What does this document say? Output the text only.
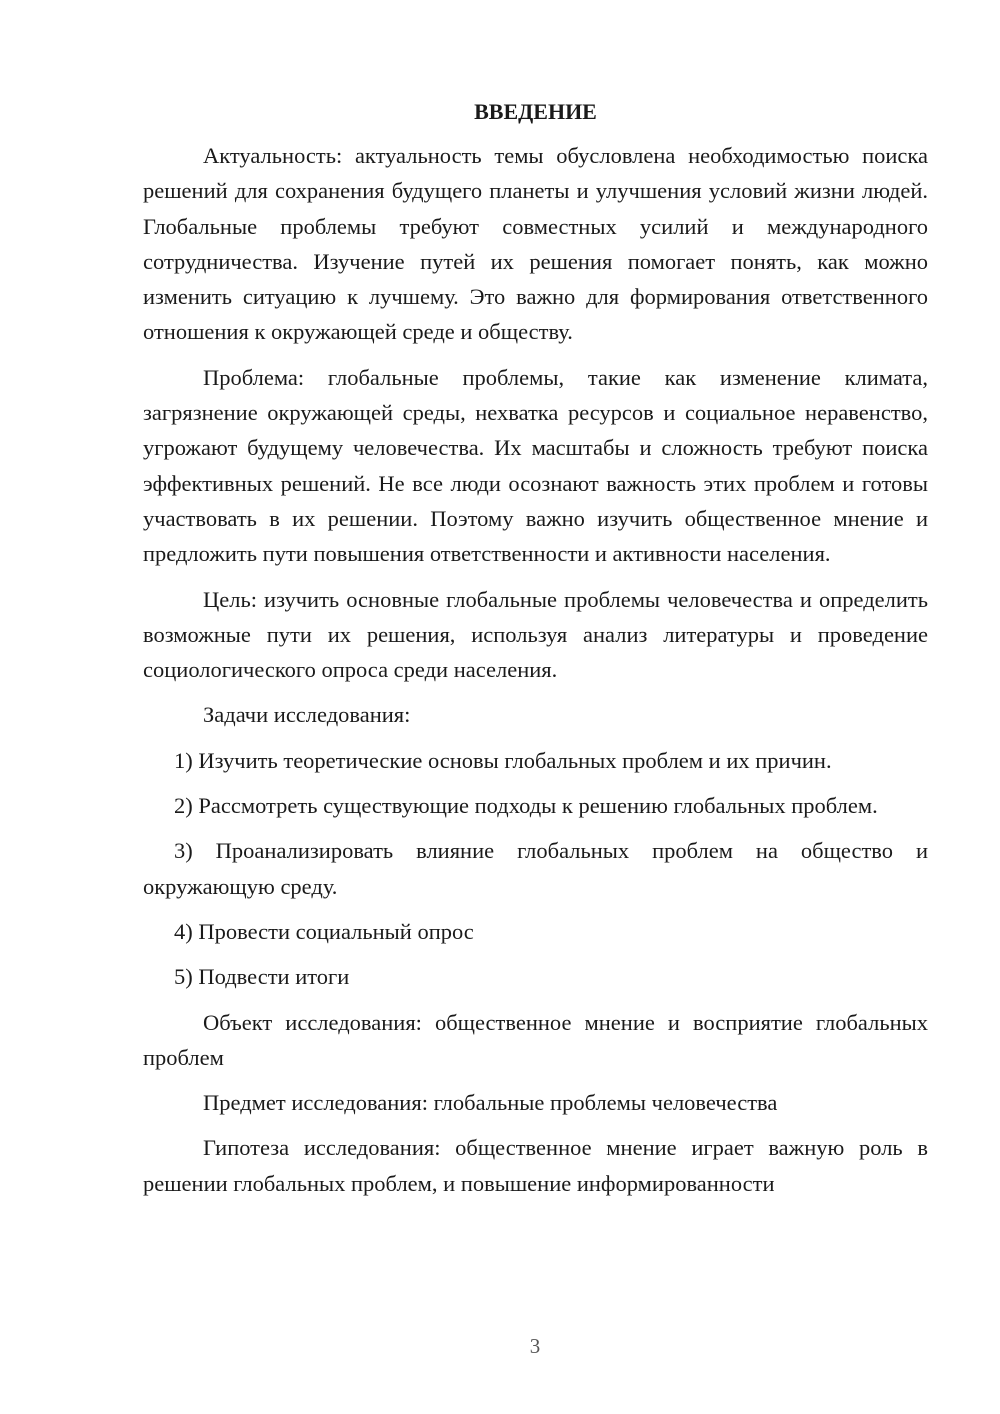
ВВЕДЕНИЕ

Актуальность: актуальность темы обусловлена необходимостью поиска решений для сохранения будущего планеты и улучшения условий жизни людей. Глобальные проблемы требуют совместных усилий и международного сотрудничества. Изучение путей их решения помогает понять, как можно изменить ситуацию к лучшему. Это важно для формирования ответственного отношения к окружающей среде и обществу.

Проблема: глобальные проблемы, такие как изменение климата, загрязнение окружающей среды, нехватка ресурсов и социальное неравенство, угрожают будущему человечества. Их масштабы и сложность требуют поиска эффективных решений. Не все люди осознают важность этих проблем и готовы участвовать в их решении. Поэтому важно изучить общественное мнение и предложить пути повышения ответственности и активности населения.

Цель: изучить основные глобальные проблемы человечества и определить возможные пути их решения, используя анализ литературы и проведение социологического опроса среди населения.

Задачи исследования:

1) Изучить теоретические основы глобальных проблем и их причин.

2) Рассмотреть существующие подходы к решению глобальных проблем.

3) Проанализировать влияние глобальных проблем на общество и окружающую среду.

4) Провести социальный опрос

5) Подвести итоги

Объект исследования: общественное мнение и восприятие глобальных проблем

Предмет исследования: глобальные проблемы человечества

Гипотеза исследования: общественное мнение играет важную роль в решении глобальных проблем, и повышение информированности

3
